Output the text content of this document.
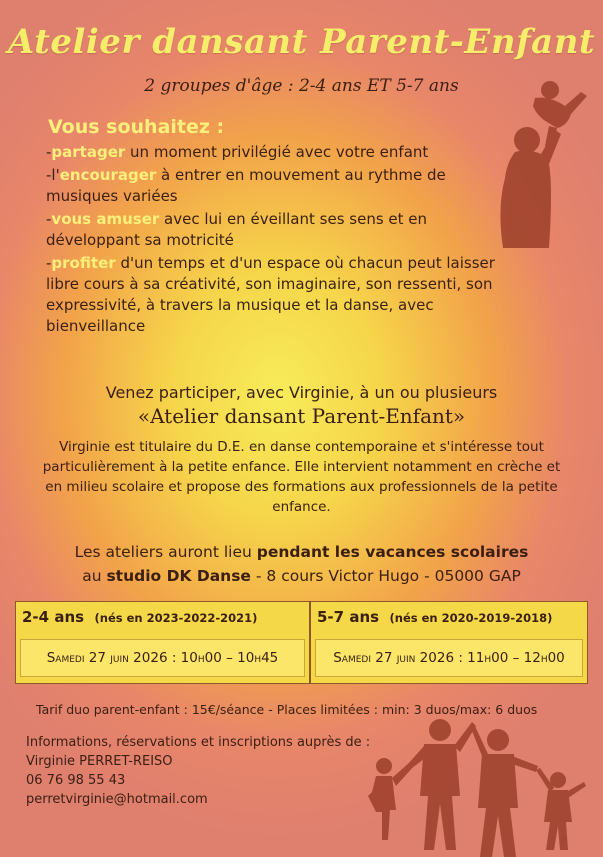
Atelier dansant Parent-Enfant
2 groupes d'âge : 2-4 ans ET 5-7 ans
Vous souhaitez :

-partager un moment privilégié avec votre enfant

-l'encourager à entrer en mouvement au rythme de musiques variées

-vous amuser avec lui en éveillant ses sens et en développant sa motricité

-profiter d'un temps et d'un espace où chacun peut laisser libre cours à sa créativité, son imaginaire, son ressenti, son expressivité, à travers la musique et la danse, avec bienveillance

Venez participer, avec Virginie, à un ou plusieurs
«Atelier dansant Parent-Enfant»
Virginie est titulaire du D.E. en danse contemporaine et s'intéresse tout particulièrement à la petite enfance. Elle intervient notamment en crèche et en milieu scolaire et propose des formations aux professionnels de la petite enfance.
Les ateliers auront lieu pendant les vacances scolaires
au studio DK Danse - 8 cours Victor Hugo - 05000 GAP
2-4 ans (nés en 2023-2022-2021)
Samedi 27 juin 2026 : 10h00 – 10h45
5-7 ans (nés en 2020-2019-2018)
Samedi 27 juin 2026 : 11h00 – 12h00
Tarif duo parent-enfant : 15€/séance - Places limitées : min: 3 duos/max: 6 duos
Informations, réservations et inscriptions auprès de :
Virginie PERRET-REISO
06 76 98 55 43
perretvirginie@hotmail.com
